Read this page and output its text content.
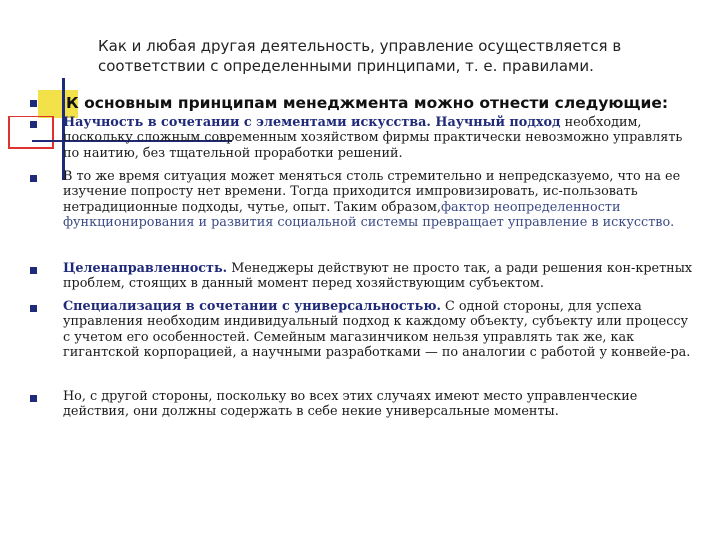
Как и любая другая деятельность, управление осуществляется в соответствии с определенными принципами, т. е. правилами.
К основным принципам менеджмента можно отнести следующие:
Научность в сочетании с элементами искусства. Научный подход необходим, поскольку сложным современным хозяйством фирмы практически невозможно управлять по наитию, без тщательной проработки решений.
В то же время ситуация может меняться столь стремительно и непредсказуемо, что на ее изучение попросту нет времени. Тогда приходится импровизировать, ис-пользовать нетрадиционные подходы, чутье, опыт. Таким образом,фактор неопределенности функционирования и развития социальной системы превращает управление в искусство.
Целенаправленность. Менеджеры действуют не просто так, а ради решения кон-кретных проблем, стоящих в данный момент перед хозяйствующим субъектом.
Специализация в сочетании с универсальностью. С одной стороны, для успеха управления необходим индивидуальный подход к каждому объекту, субъекту или процессу с учетом его особенностей. Семейным магазинчиком нельзя управлять так же, как гигантской корпорацией, а научными разработками — по аналогии с работой у конвейе-ра.
Но, с другой стороны, поскольку во всех этих случаях имеют место управленческие действия, они должны содержать в себе некие универсальные моменты.
